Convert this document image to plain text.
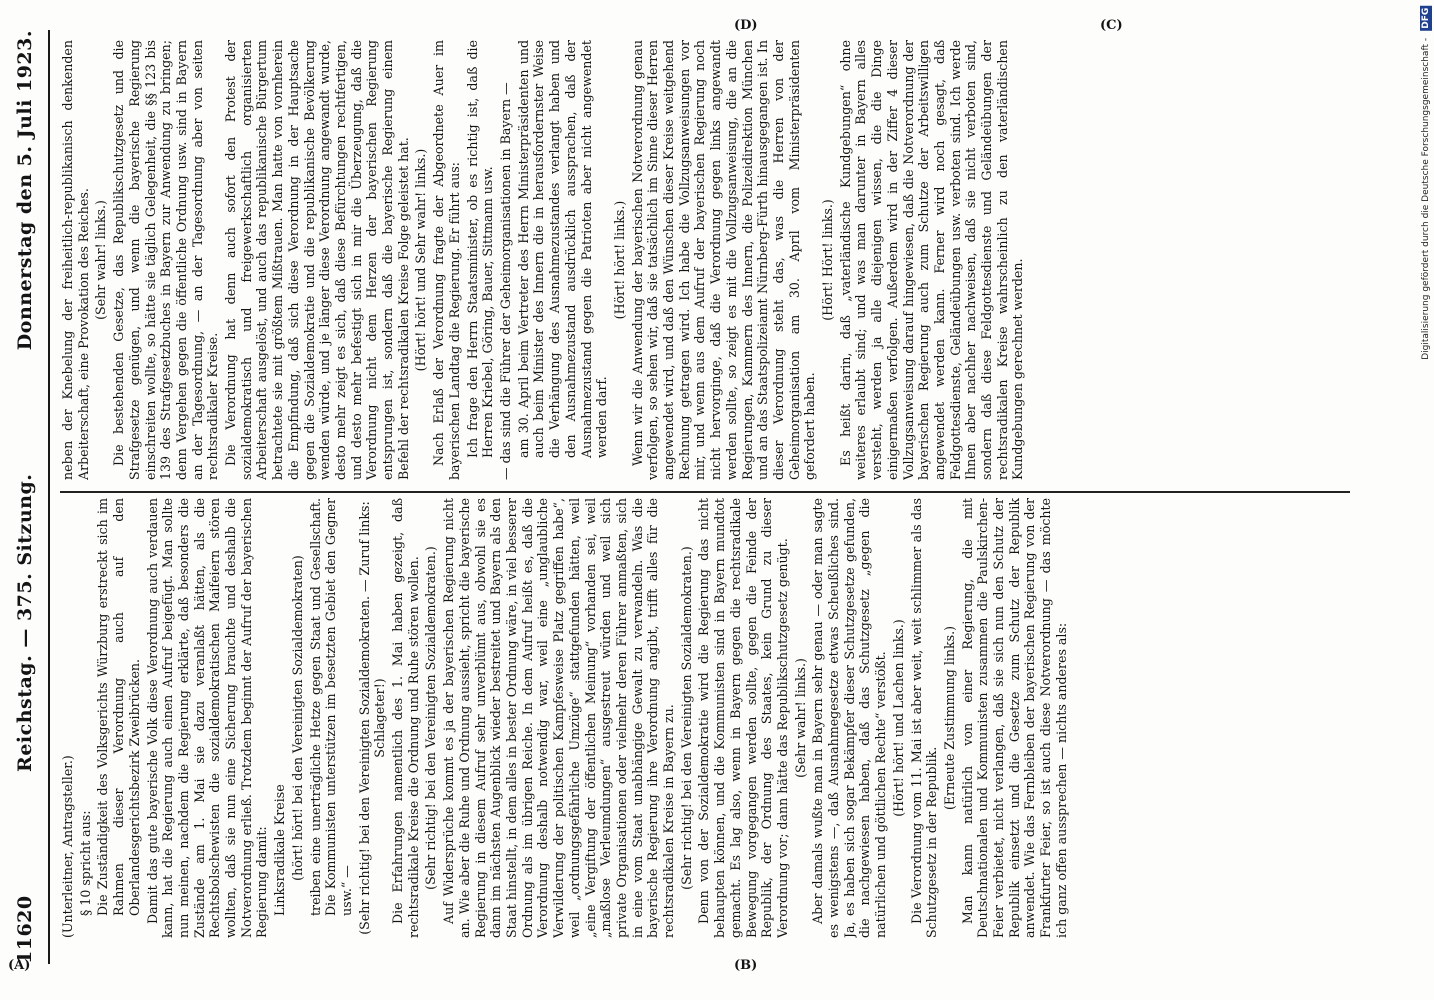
11620
Reichstag. — 375. Sitzung.
Donnerstag den 5. Juli 1923.

(Unterleitner, Antragsteller.) § 10 spricht aus: Die Zuständigkeit des Volksgerichts Würzburg erstreckt sich im Rahmen dieser Verordnung auch auf den Oberlandesgerichtsbezirk Zweibrücken. Damit das gute bayerische Volk diese Verordnung auch verdauen kann, hat die Regierung auch einen Aufruf beigefügt. Man sollte nun meinen, nachdem die Regierung erklärte, daß besonders die Zustände am 1. Mai sie dazu veranlaßt hätten, als die Rechtsbolschewisten die sozialdemokratischen Maifeiern stören wollten, daß sie nun eine Sicherung brauchte und deshalb die Notverordnung erließ. Trotzdem beginnt der Aufruf der bayerischen Regierung damit: Linksradikale Kreise (hört! hört! bei den Vereinigten Sozialdemokraten) treiben eine unerträgliche Hetze gegen Staat und Gesellschaft. Die Kommunisten unterstützen im besetzten Gebiet den Gegner usw.“ — (Sehr richtig! bei den Vereinigten Sozialdemokraten. — Zuruf links: Schlageter!) Die Erfahrungen namentlich des 1. Mai haben gezeigt, daß rechtsradikale Kreise die Ordnung und Ruhe stören wollen. (Sehr richtig! bei den Vereinigten Sozialdemokraten.) Auf Widersprüche kommt es ja der bayerischen Regierung nicht an. Wie aber die Ruhe und Ordnung aussieht, spricht die bayerische Regierung in diesem Aufruf sehr unverblümt aus, obwohl sie es dann im nächsten Augenblick wieder bestreitet und Bayern als den Staat hinstellt, in dem alles in bester Ordnung wäre, in viel besserer Ordnung als im übrigen Reiche. In dem Aufruf heißt es, daß die Verordnung deshalb notwendig war, weil eine „unglaubliche Verwilderung der politischen Kampfesweise Platz gegriffen habe“, weil „ordnungsgefährliche Umzüge“ stattgefunden hätten, weil „eine Vergiftung der öffentlichen Meinung“ vorhanden sei, weil „maßlose Verleumdungen“ ausgestreut würden und weil sich private Organisationen oder vielmehr deren Führer anmaßten, sich in eine vom Staat unabhängige Gewalt zu verwandeln. Was die bayerische Regierung ihre Verordnung angibt, trifft alles für die rechtsradikalen Kreise in Bayern zu. (Sehr richtig! bei den Vereinigten Sozialdemokraten.) Denn von der Sozialdemokratie wird die Regierung das nicht behaupten können, und die Kommunisten sind in Bayern mundtot gemacht. Es lag also, wenn in Bayern gegen die rechtsradikale Bewegung vorgegangen werden sollte, gegen die Feinde der Republik, der Ordnung des Staates, kein Grund zu dieser Verordnung vor; dann hätte das Republikschutzgesetz genügt. (Sehr wahr! links.) Aber damals wußte man in Bayern sehr genau — oder man sagte es wenigstens —, daß Ausnahmegesetze etwas Scheußliches sind. Ja, es haben sich sogar Bekämpfer dieser Schutzgesetze gefunden, die nachgewiesen haben, daß das Schutzgesetz „gegen die natürlichen und göttlichen Rechte“ verstößt. (Hört! hört! und Lachen links.) Die Verordnung vom 11. Mai ist aber weit, weit schlimmer als das Schutzgesetz in der Republik.

(Erneute Zustimmung links.) Man kann natürlich von einer Regierung, die mit Deutschnationalen und Kommunisten zusammen die Paulskirchen-Feier verbietet, nicht verlangen, daß sie sich nun den Schutz der Republik einsetzt und die Gesetze zum Schutz der Republik anwendet. Wie das Fernbleiben der bayerischen Regierung von der Frankfurter Feier, so ist auch diese Notverordnung — das möchte ich ganz offen aussprechen — nichts anderes als:

neben der Knebelung der freiheitlich-republikanisch denkenden Arbeiterschaft, eine Provokation des Reiches. (Sehr wahr! links.) Die bestehenden Gesetze, das Republikschutzgesetz und die Strafgesetze genügen, und wenn die bayerische Regierung einschreiten wollte, so hätte sie täglich Gelegenheit, die §§ 123 bis 139 des Strafgesetzbuches in Bayern zur Anwendung zu bringen; denn Vergehen gegen die öffentliche Ordnung usw. sind in Bayern an der Tagesordnung, — an der Tagesordnung aber von seiten rechtsradikaler Kreise. Die Verordnung hat denn auch sofort den Protest der sozialdemokratisch und freigewerkschaftlich organisierten Arbeiterschaft ausgelöst, und auch das republikanische Bürgertum betrachtete sie mit größtem Mißtrauen. Man hatte von vornherein die Empfindung, daß sich diese Verordnung in der Hauptsache gegen die Sozialdemokratie und die republikanische Bevölkerung wenden würde, und je länger diese Verordnung angewandt wurde, desto mehr zeigt es sich, daß diese Befürchtungen rechtfertigen, und desto mehr befestigt sich in mir die Überzeugung, daß die Verordnung nicht dem Herzen der bayerischen Regierung entsprungen ist, sondern daß die bayerische Regierung einem Befehl der rechtsradikalen Kreise Folge geleistet hat. (Hört! hört! und Sehr wahr! links.) Nach Erlaß der Verordnung fragte der Abgeordnete Auer im bayerischen Landtag die Regierung. Er führt aus: Ich frage den Herrn Staatsminister, ob es richtig ist, daß die Herren Kriebel, Göring, Bauer, Sittmann usw. — das sind die Führer der Geheimorganisationen in Bayern — am 30. April beim Vertreter des Herrn Ministerpräsidenten und auch beim Minister des Innern die in herausfordernster Weise die Verhängung des Ausnahmezustandes verlangt haben und den Ausnahmezustand ausdrücklich aussprachen, daß der Ausnahmezustand gegen die Patrioten aber nicht angewendet werden darf.

(Hört! hört! links.) Wenn wir die Anwendung der bayerischen Notverordnung genau verfolgen, so sehen wir, daß sie tatsächlich im Sinne dieser Herren angewendet wird, und daß den Wünschen dieser Kreise weitgehend Rechnung getragen wird. Ich habe die Vollzugsanweisungen vor mir, und wenn aus dem Aufruf der bayerischen Regierung noch nicht hervorginge, daß die Verordnung gegen links angewandt werden sollte, so zeigt es mit die Vollzugsanweisung, die an die Regierungen, Kammern des Innern, die Polizeidirektion München und an das Staatspolizeiamt Nürnberg-Fürth hinausgegangen ist. In dieser Verordnung steht das, was die Herren von der Geheimorganisation am 30. April vom Ministerpräsidenten gefordert haben.

(Hört! Hört! links.) Es heißt darin, daß „vaterländische Kundgebungen“ ohne weiteres erlaubt sind; und was man darunter in Bayern alles versteht, werden ja alle diejenigen wissen, die die Dinge einigermaßen verfolgen. Außerdem wird in der Ziffer 4 dieser Vollzugsanweisung darauf hingewiesen, daß die Notverordnung der bayerischen Regierung auch zum Schutze der Arbeitswilligen angewendet werden kann. Ferner wird noch gesagt, daß Feldgottesdienste, Geländeübungen usw. verboten sind. Ich werde Ihnen aber nachher nachweisen, daß sie nicht verboten sind, sondern daß diese Feldgottesdienste und Geländeübungen der rechtsradikalen Kreise wahrscheinlich zu den vaterländischen Kundgebungen gerechnet werden.

(A)	(B)
(C)
(D)
Digitalisierung gefördert durch die Deutsche Forschungsgemeinschaft - DFG
